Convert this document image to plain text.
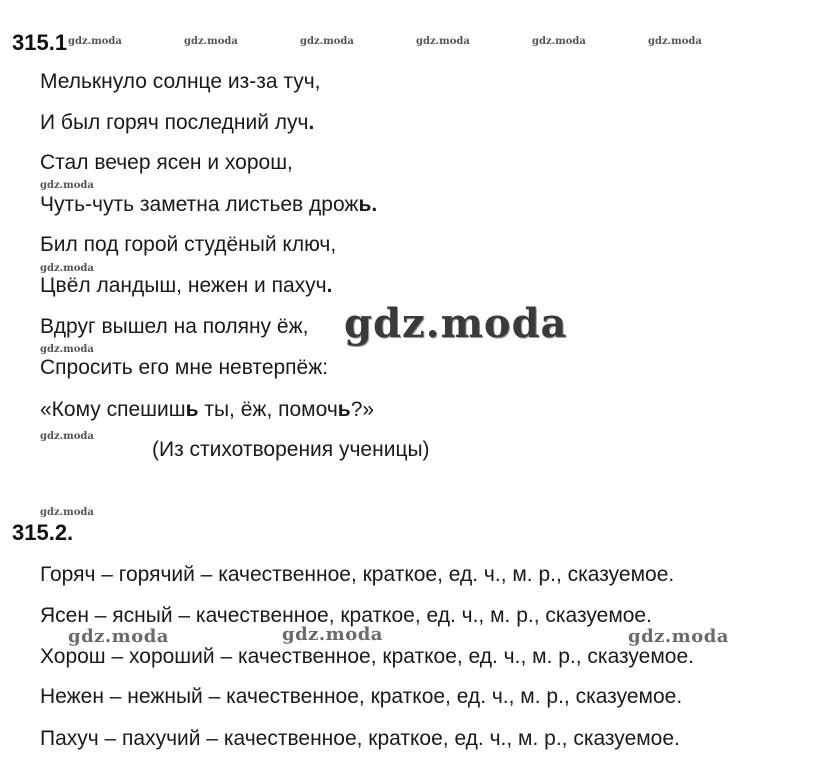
315.1 gdz.moda	gdz.moda	gdz.moda	gdz.moda	gdz.moda	gdz.moda
Мелькнуло солнце из-за туч,
И был горяч последний луч.
Стал вечер ясен и хорош,
gdz.moda
Чуть-чуть заметна листьев дрожь.
Бил под горой студёный ключ,
gdz.moda
Цвёл ландыш, нежен и пахуч.
Вдруг вышел на поляну ёж, gdz.moda
gdz.moda
Спросить его мне невтерпёж:
«Кому спешишь ты, ёж, помочь?»
gdz.moda
(Из стихотворения ученицы)
gdz.moda
315.2.
Горяч – горячий – качественное, краткое, ед. ч., м. р., сказуемое.
Ясен – ясный – качественное, краткое, ед. ч., м. р., сказуемое.
gdz.moda	gdz.moda	gdz.moda
Хорош – хороший – качественное, краткое, ед. ч., м. р., сказуемое.
Нежен – нежный – качественное, краткое, ед. ч., м. р., сказуемое.
Пахуч – пахучий – качественное, краткое, ед. ч., м. р., сказуемое.
